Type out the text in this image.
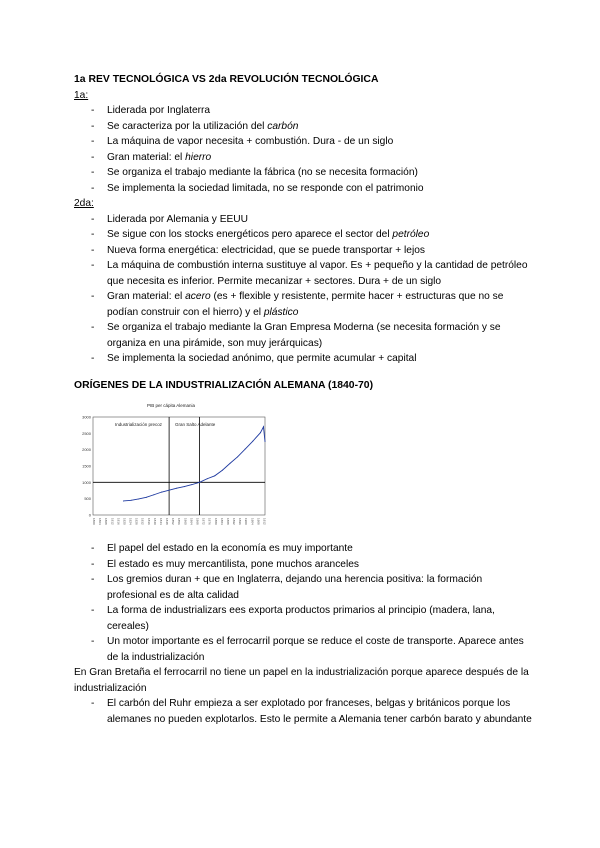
1a REV TECNOLÓGICA VS 2da REVOLUCIÓN TECNOLÓGICA
1a:
- Liderada por Inglaterra
- Se caracteriza por la utilización del carbón
- La máquina de vapor necesita + combustión. Dura - de un siglo
- Gran material: el hierro
- Se organiza el trabajo mediante la fábrica (no se necesita formación)
- Se implementa la sociedad limitada, no se responde con el patrimonio
2da:
- Liderada por Alemania y EEUU
- Se sigue con los stocks energéticos pero aparece el sector del petróleo
- Nueva forma energética: electricidad, que se puede transportar + lejos
- La máquina de combustión interna sustituye al vapor. Es + pequeño y la cantidad de petróleo que necesita es inferior. Permite mecanizar + sectores. Dura + de un siglo
- Gran material: el acero (es + flexible y resistente, permite hacer + estructuras que no se podían construir con el hierro) y el plástico
- Se organiza el trabajo mediante la Gran Empresa Moderna (se necesita formación y se organiza en una pirámide, son muy jerárquicas)
- Se implementa la sociedad anónimo, que permite acumular + capital
ORÍGENES DE LA INDUSTRIALIZACIÓN ALEMANA (1840-70)
PIB per cápita Alemania
3000
2500
2000
1500
1000
500
0
1800 1804 1808 1812 1816 1820 1824 1828 1832 1836 1840 1844 1848 1852 1856 1860 1864 1868 1872 1876 1880 1884 1888 1892 1896 1900 1904 1908 1912
Industrialización precoz	Gran Salto Adelante
- El papel del estado en la economía es muy importante
- El estado es muy mercantilista, pone muchos aranceles
- Los gremios duran + que en Inglaterra, dejando una herencia positiva: la formación profesional es de alta calidad
- La forma de industrializars ees exporta productos primarios al principio (madera, lana, cereales)
- Un motor importante es el ferrocarril porque se reduce el coste de transporte. Aparece antes de la industrialización

En Gran Bretaña el ferrocarril no tiene un papel en la industrialización porque aparece después de la industrialización

- El carbón del Ruhr empieza a ser explotado por franceses, belgas y británicos porque los alemanes no pueden explotarlos. Esto le permite a Alemania tener carbón barato y abundante
